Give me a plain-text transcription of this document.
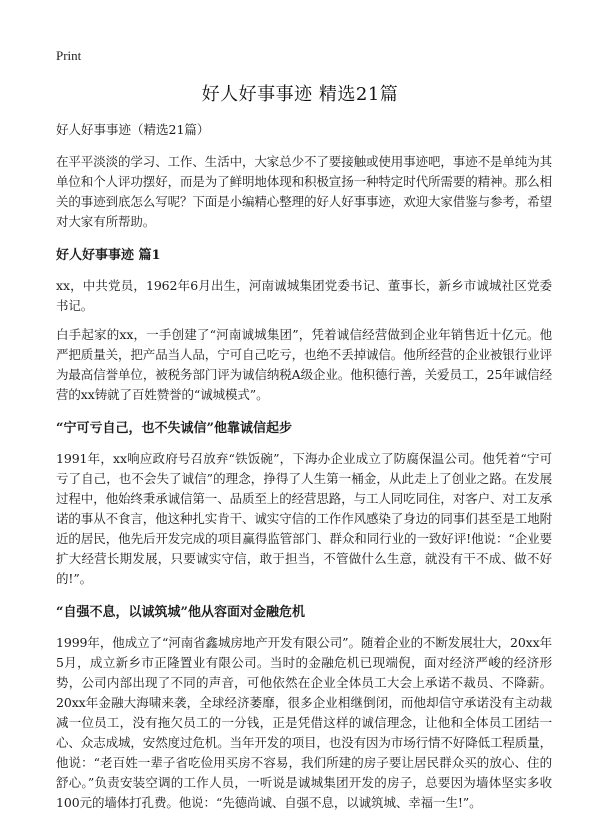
Print
好人好事事迹 精选21篇
好人好事事迹（精选21篇）

在平平淡淡的学习、工作、生活中，大家总少不了要接触或使用事迹吧，事迹不是单纯为其单位和个人评功摆好，而是为了鲜明地体现和积极宣扬一种特定时代所需要的精神。那么相关的事迹到底怎么写呢？下面是小编精心整理的好人好事事迹，欢迎大家借鉴与参考，希望对大家有所帮助。

好人好事事迹 篇1

xx，中共党员，1962年6月出生，河南诚城集团党委书记、董事长，新乡市诚城社区党委书记。

白手起家的xx，一手创建了“河南诚城集团”，凭着诚信经营做到企业年销售近十亿元。他严把质量关，把产品当人品，宁可自己吃亏，也绝不丢掉诚信。他所经营的企业被银行业评为最高信誉单位，被税务部门评为诚信纳税A级企业。他积德行善，关爱员工，25年诚信经营的xx铸就了百姓赞誉的“诚城模式”。

“宁可亏自己，也不失诚信”他靠诚信起步

1991年，xx响应政府号召放弃“铁饭碗”，下海办企业成立了防腐保温公司。他凭着“宁可亏了自己，也不会失了诚信”的理念，挣得了人生第一桶金，从此走上了创业之路。在发展过程中，他始终秉承诚信第一、品质至上的经营思路，与工人同吃同住，对客户、对工友承诺的事从不食言，他这种扎实肯干、诚实守信的工作作风感染了身边的同事们甚至是工地附近的居民，他先后开发完成的项目赢得监管部门、群众和同行业的一致好评!他说：“企业要扩大经营长期发展，只要诚实守信，敢于担当，不管做什么生意，就没有干不成、做不好的!”。

“自强不息，以诚筑城”他从容面对金融危机

1999年，他成立了“河南省鑫城房地产开发有限公司”。随着企业的不断发展壮大，20xx年5月，成立新乡市正隆置业有限公司。当时的金融危机已现端倪，面对经济严峻的经济形势，公司内部出现了不同的声音，可他依然在企业全体员工大会上承诺不裁员、不降薪。20xx年金融大海啸来袭，全球经济萎靡，很多企业相继倒闭，而他却信守承诺没有主动裁减一位员工，没有拖欠员工的一分钱，正是凭借这样的诚信理念，让他和全体员工团结一心、众志成城，安然度过危机。当年开发的项目，也没有因为市场行情不好降低工程质量，他说：“老百姓一辈子省吃俭用买房不容易，我们所建的房子要让居民群众买的放心、住的舒心。”负责安装空调的工作人员，一听说是诚城集团开发的房子，总要因为墙体坚实多收100元的墙体打孔费。他说：“先德尚诚、自强不息，以诚筑城、幸福一生!”。
